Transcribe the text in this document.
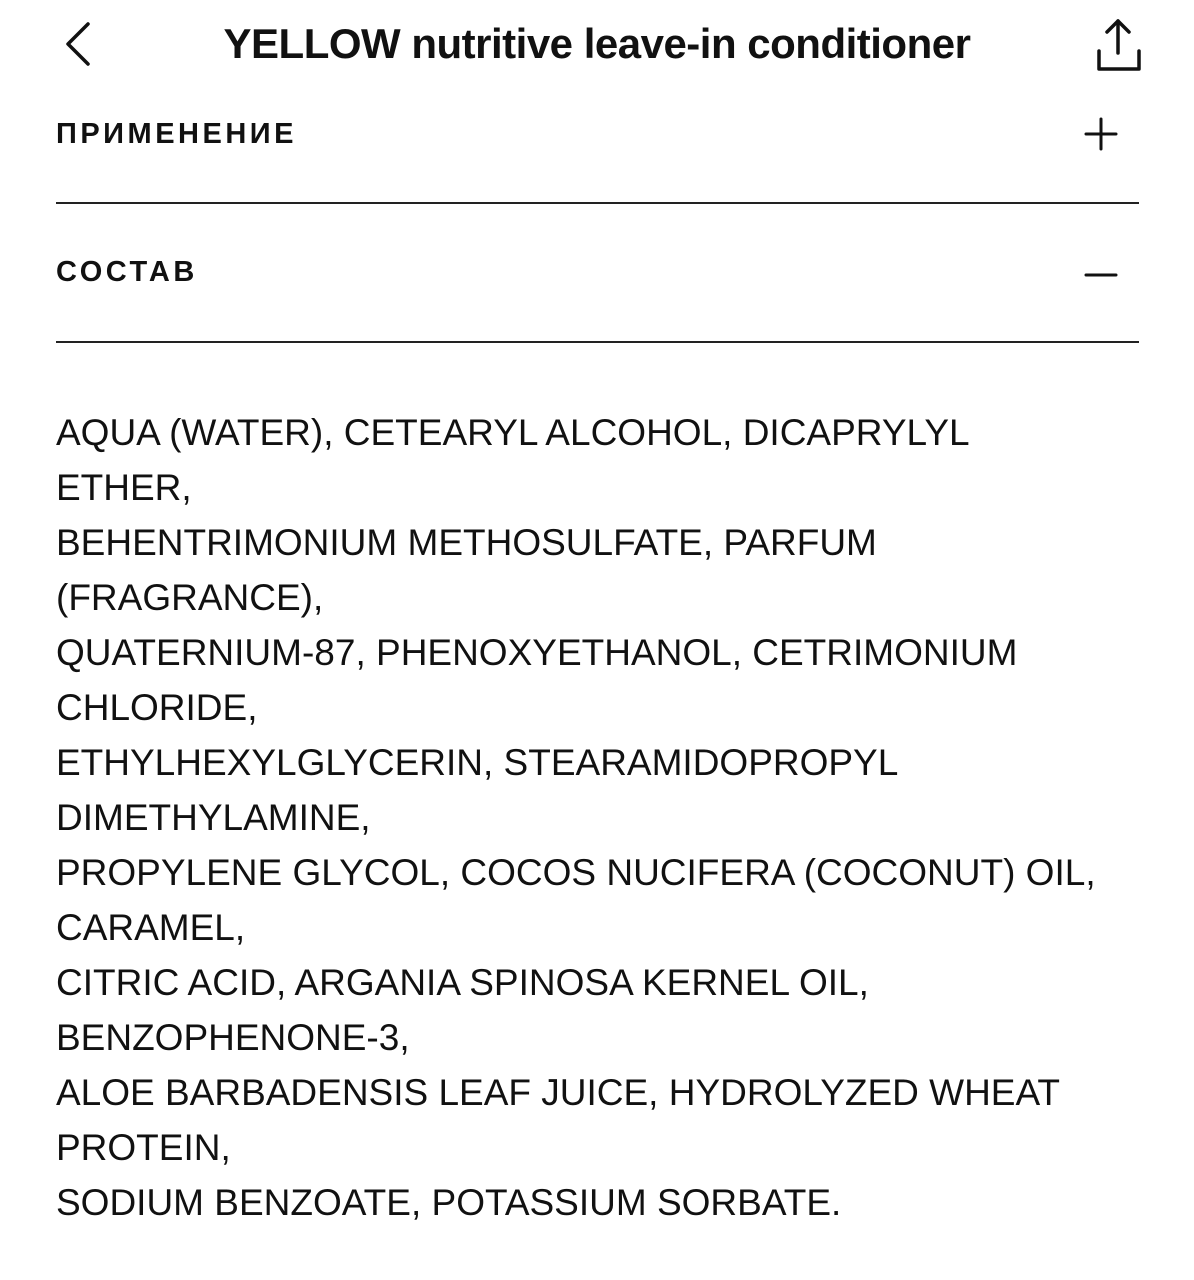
YELLOW nutritive leave-in conditioner
ПРИМЕНЕНИЕ
СОСТАВ
AQUA (WATER), CETEARYL ALCOHOL, DICAPRYLYL
ETHER,
BEHENTRIMONIUM METHOSULFATE, PARFUM
(FRAGRANCE),
QUATERNIUM-87, PHENOXYETHANOL, CETRIMONIUM
CHLORIDE,
ETHYLHEXYLGLYCERIN, STEARAMIDOPROPYL
DIMETHYLAMINE,
PROPYLENE GLYCOL, COCOS NUCIFERA (COCONUT) OIL,
CARAMEL,
CITRIC ACID, ARGANIA SPINOSA KERNEL OIL,
BENZOPHENONE-3,
ALOE BARBADENSIS LEAF JUICE, HYDROLYZED WHEAT
PROTEIN,
SODIUM BENZOATE, POTASSIUM SORBATE.
